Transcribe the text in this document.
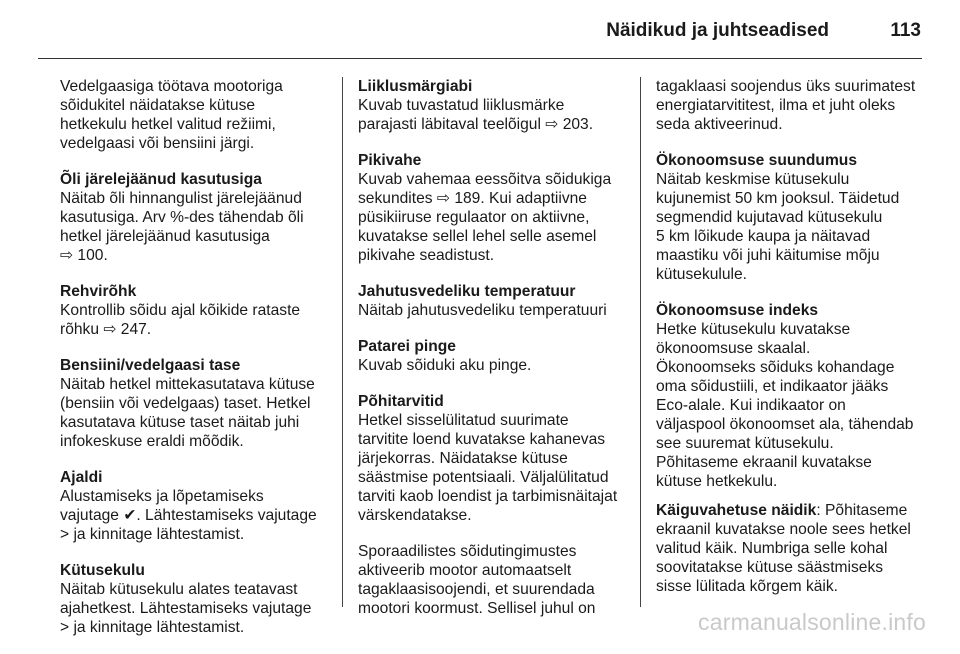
Näidikud ja juhtseadised	113
Vedelgaasiga töötava mootoriga
sõidukitel näidatakse kütuse
hetkekulu hetkel valitud režiimi,
vedelgaasi või bensiini järgi.
Õli järelejäänud kasutusiga
Näitab õli hinnangulist järelejäänud
kasutusiga. Arv %-des tähendab õli
hetkel järelejäänud kasutusiga
⇨ 100.
Rehvirõhk
Kontrollib sõidu ajal kõikide rataste
rõhku ⇨ 247.
Bensiini/vedelgaasi tase
Näitab hetkel mittekasutatava kütuse
(bensiin või vedelgaas) taset. Hetkel
kasutatava kütuse taset näitab juhi
infokeskuse eraldi mõõdik.
Ajaldi
Alustamiseks ja lõpetamiseks
vajutage ✔. Lähtestamiseks vajutage
> ja kinnitage lähtestamist.
Kütusekulu
Näitab kütusekulu alates teatavast
ajahetkest. Lähtestamiseks vajutage
> ja kinnitage lähtestamist.
Liiklusmärgiabi
Kuvab tuvastatud liiklusmärke
parajasti läbitaval teelõigul ⇨ 203.
Pikivahe
Kuvab vahemaa eessõitva sõidukiga
sekundites ⇨ 189. Kui adaptiivne
püsikiiruse regulaator on aktiivne,
kuvatakse sellel lehel selle asemel
pikivahe seadistust.
Jahutusvedeliku temperatuur
Näitab jahutusvedeliku temperatuuri
Patarei pinge
Kuvab sõiduki aku pinge.
Põhitarvitid
Hetkel sisselülitatud suurimate
tarvitite loend kuvatakse kahanevas
järjekorras. Näidatakse kütuse
säästmise potentsiaali. Väljalülitatud
tarviti kaob loendist ja tarbimisnäitajat
värskendatakse.
Sporaadilistes sõidutingimustes
aktiveerib mootor automaatselt
tagaklaasisoojendi, et suurendada
mootori koormust. Sellisel juhul on
tagaklaasi soojendus üks suurimatest
energiatarvititest, ilma et juht oleks
seda aktiveerinud.
Ökonoomsuse suundumus
Näitab keskmise kütusekulu
kujunemist 50 km jooksul. Täidetud
segmendid kujutavad kütusekulu
5 km lõikude kaupa ja näitavad
maastiku või juhi käitumise mõju
kütusekulule.
Ökonoomsuse indeks
Hetke kütusekulu kuvatakse
ökonoomsuse skaalal.
Ökonoomseks sõiduks kohandage
oma sõidustiili, et indikaator jääks
Eco-alale. Kui indikaator on
väljaspool ökonoomset ala, tähendab
see suuremat kütusekulu.
Põhitaseme ekraanil kuvatakse
kütuse hetkekulu.
Käiguvahetuse näidik: Põhitaseme
ekraanil kuvatakse noole sees hetkel
valitud käik. Numbriga selle kohal
soovitatakse kütuse säästmiseks
sisse lülitada kõrgem käik.
carmanualsonline.info
